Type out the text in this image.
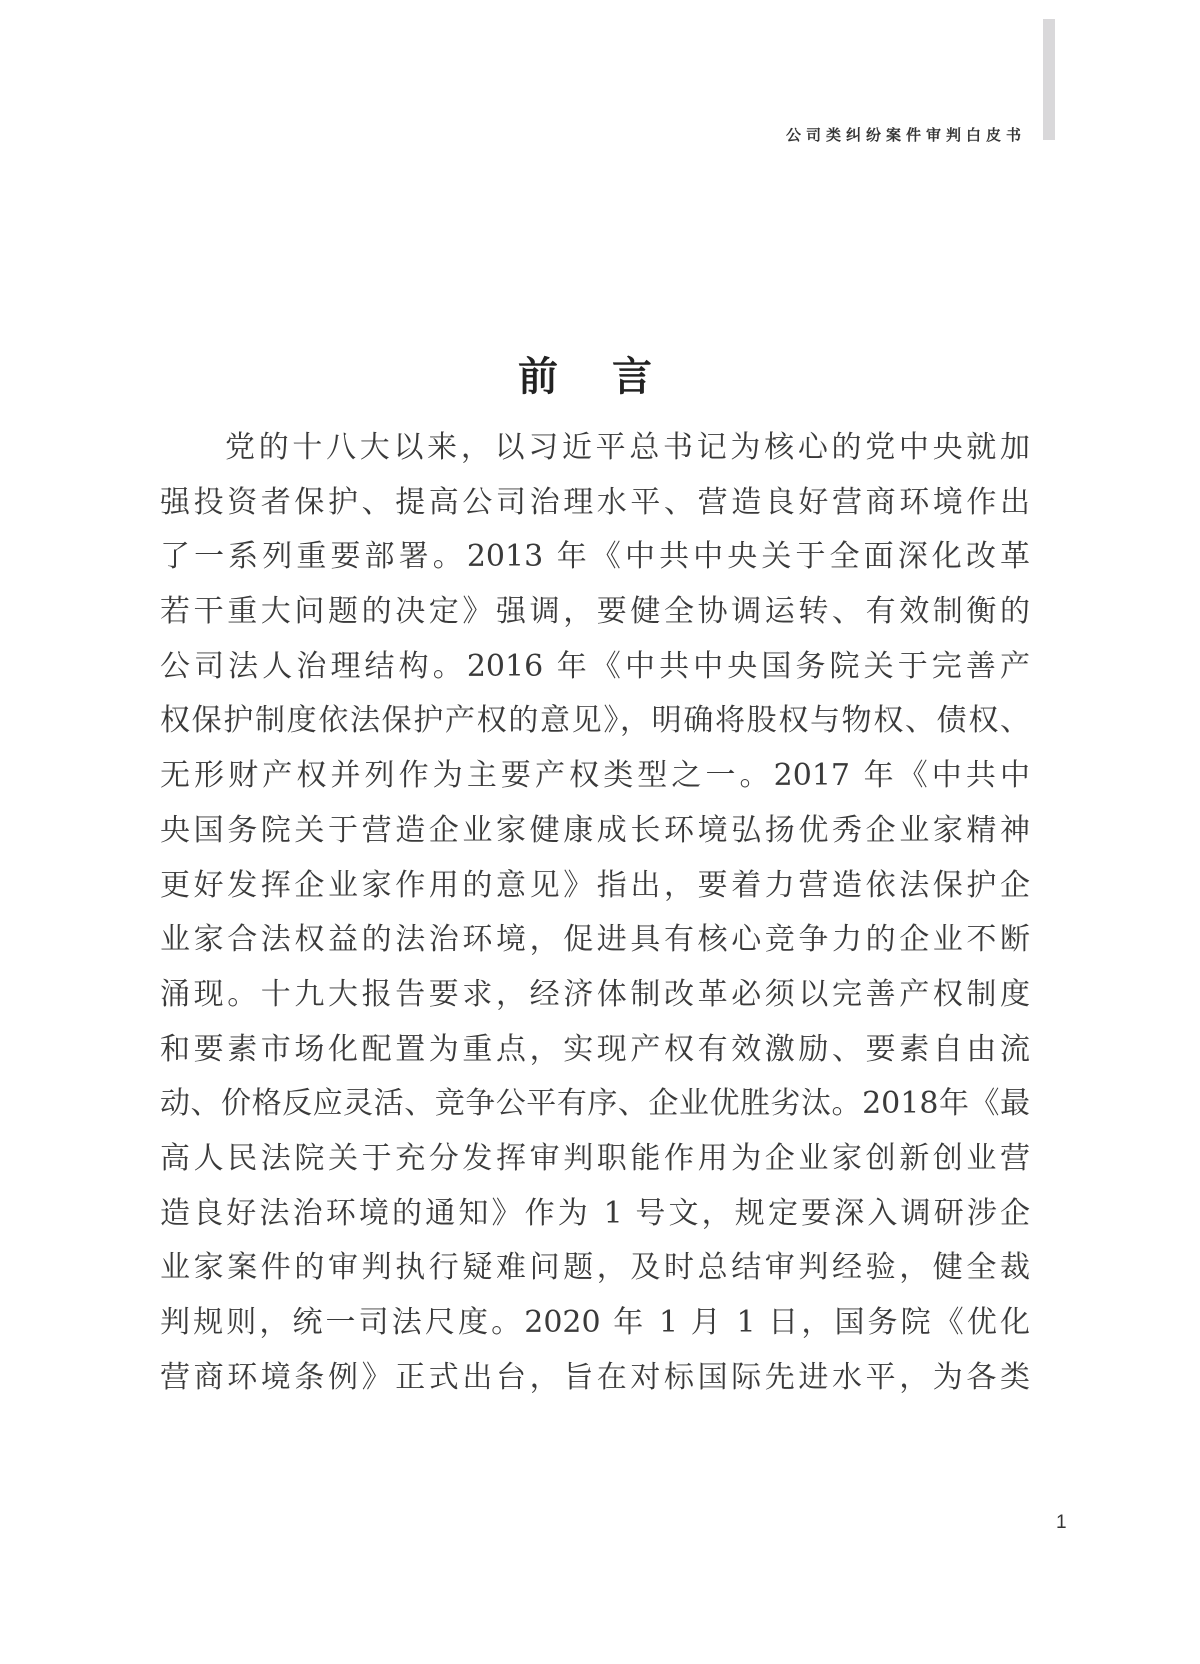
公司类纠纷案件审判白皮书
前 言
党的十八大以来，以习近平总书记为核心的党中央就加
强投资者保护、提高公司治理水平、营造良好营商环境作出
了一系列重要部署。2013 年《中共中央关于全面深化改革
若干重大问题的决定》强调，要健全协调运转、有效制衡的
公司法人治理结构。2016 年《中共中央国务院关于完善产
权保护制度依法保护产权的意见》，明确将股权与物权、债权、
无形财产权并列作为主要产权类型之一。2017 年《中共中
央国务院关于营造企业家健康成长环境弘扬优秀企业家精神
更好发挥企业家作用的意见》指出，要着力营造依法保护企
业家合法权益的法治环境，促进具有核心竞争力的企业不断
涌现。十九大报告要求，经济体制改革必须以完善产权制度
和要素市场化配置为重点，实现产权有效激励、要素自由流
动、价格反应灵活、竞争公平有序、企业优胜劣汰。2018年《最
高人民法院关于充分发挥审判职能作用为企业家创新创业营
造良好法治环境的通知》作为 1 号文，规定要深入调研涉企
业家案件的审判执行疑难问题，及时总结审判经验，健全裁
判规则，统一司法尺度。2020 年 1 月 1 日，国务院《优化
营商环境条例》正式出台，旨在对标国际先进水平，为各类
1
